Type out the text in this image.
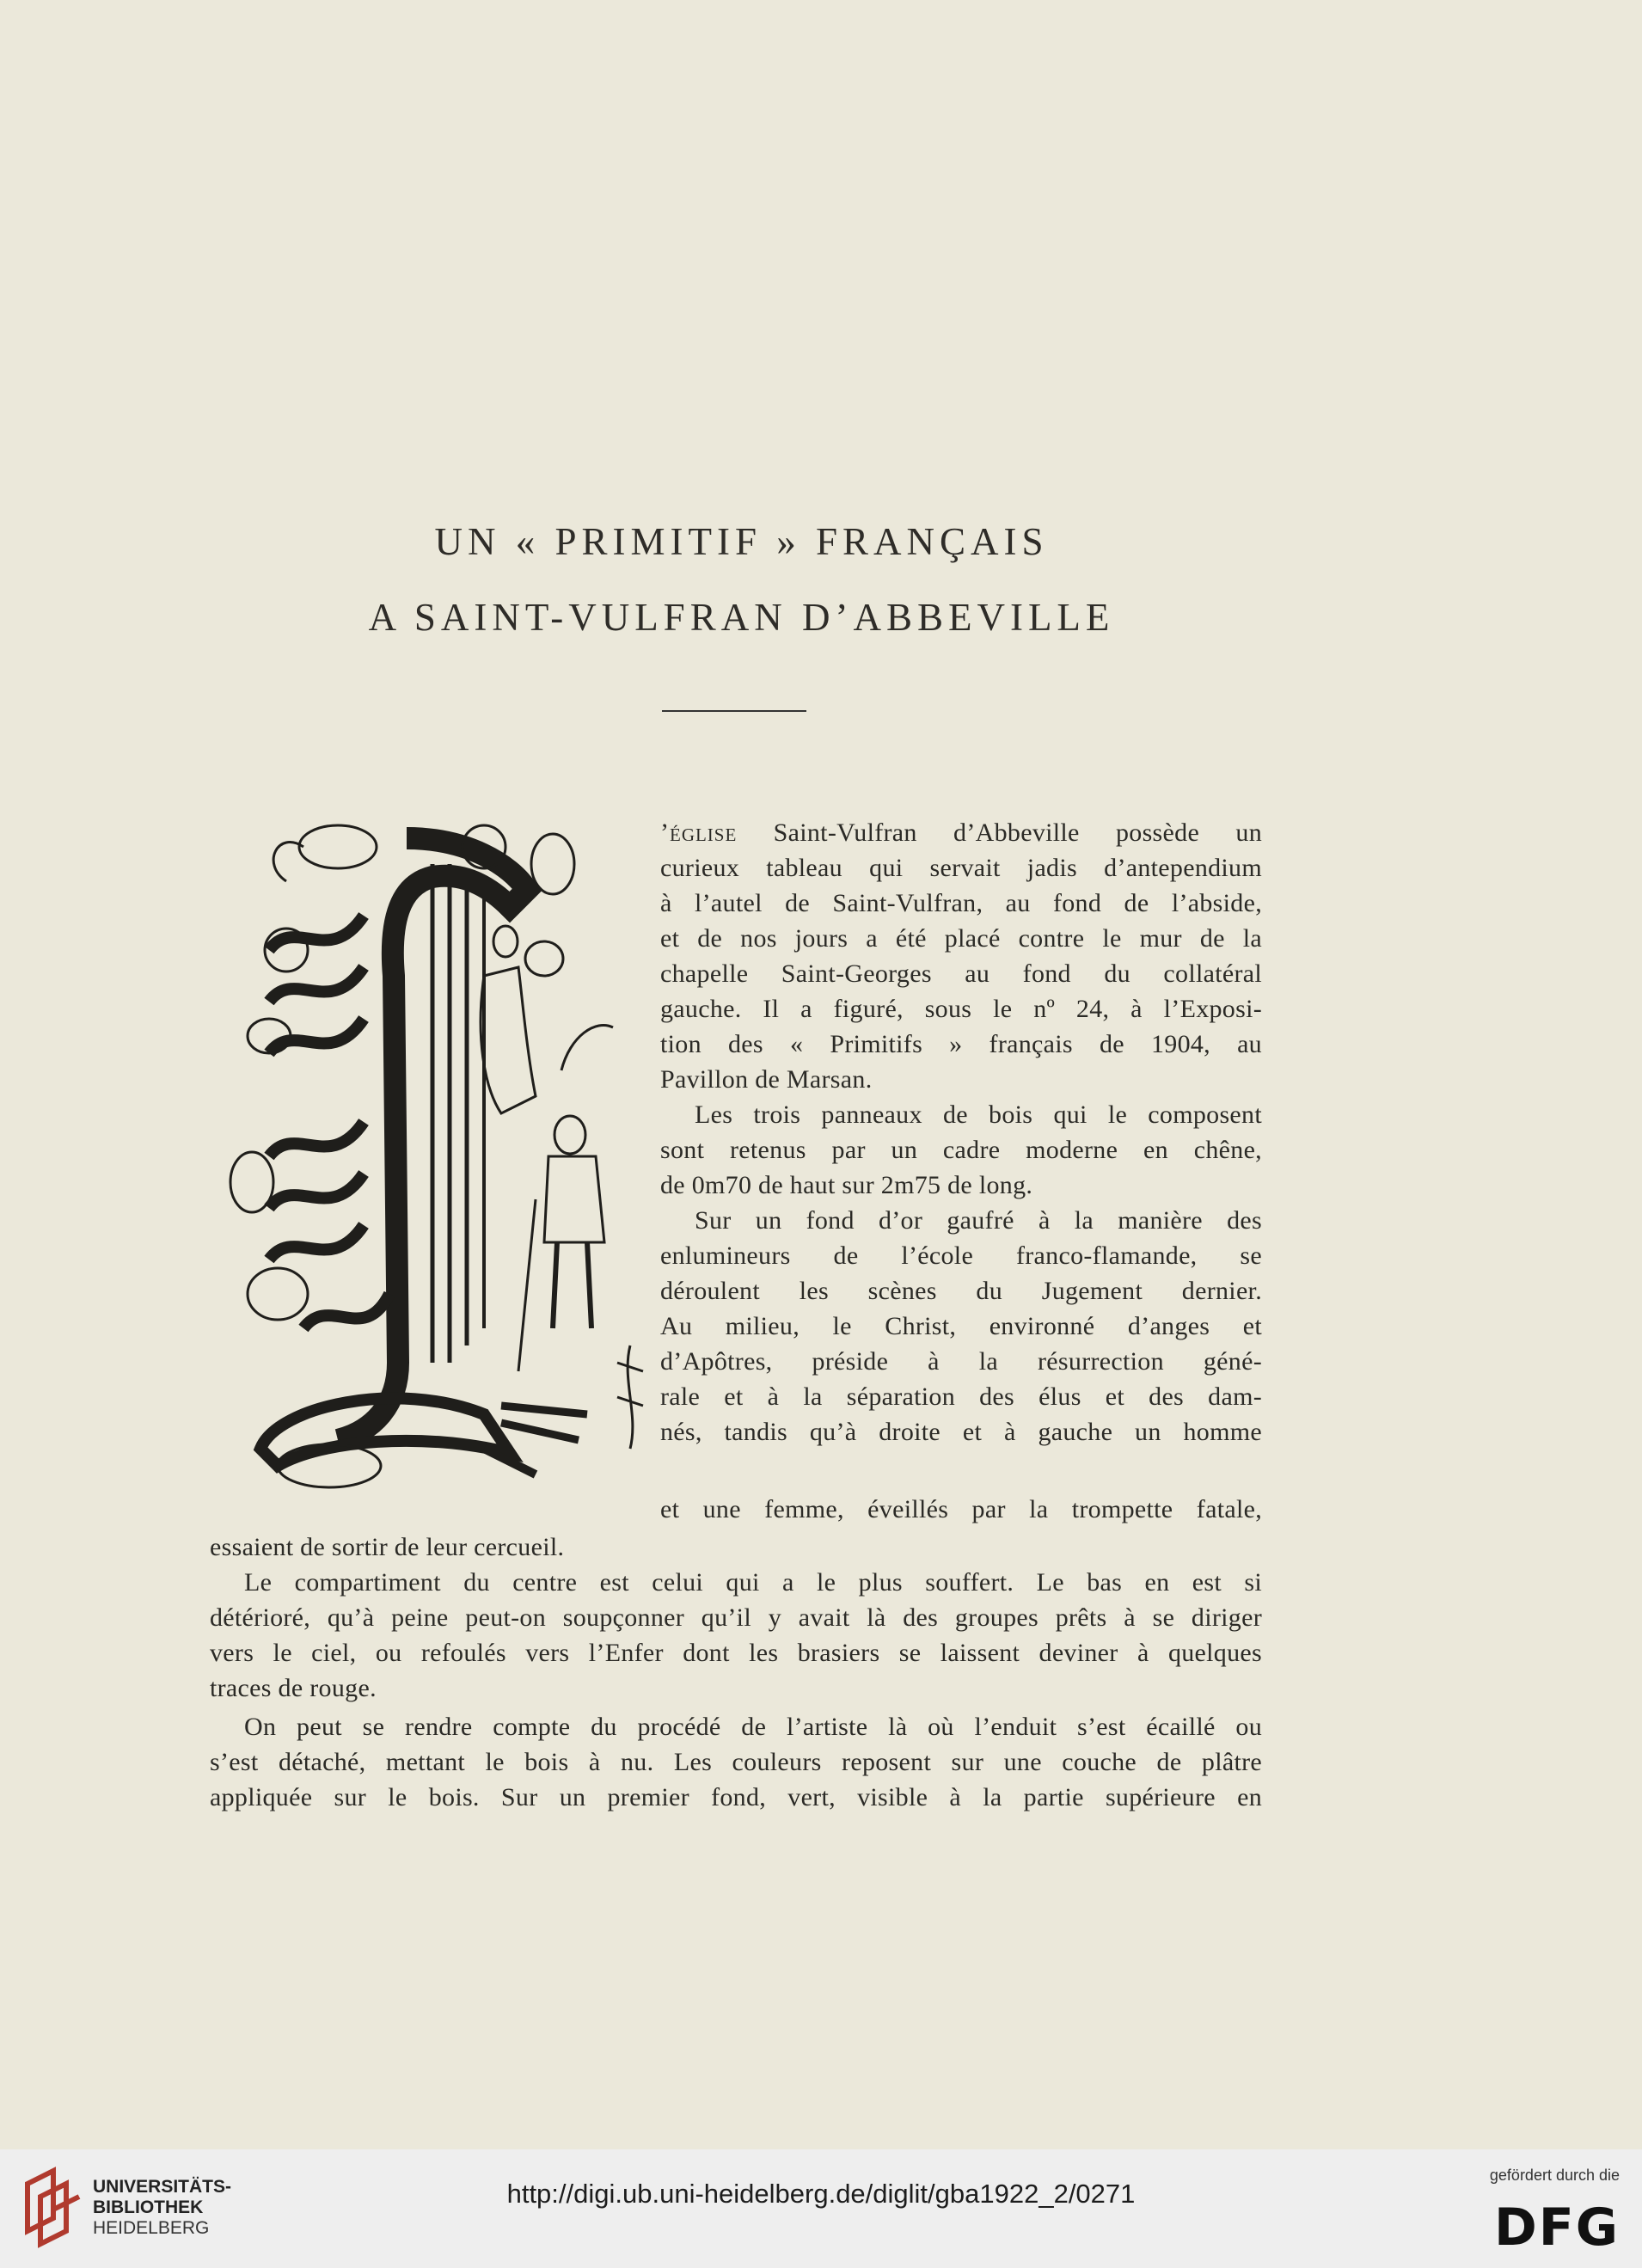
UN « PRIMITIF » FRANÇAIS
A SAINT-VULFRAN D’ABBEVILLE
’église Saint-Vulfran d’Abbeville possède un
curieux tableau qui servait jadis d’antependium
à l’autel de Saint-Vulfran, au fond de l’abside,
et de nos jours a été placé contre le mur de la
chapelle Saint-Georges au fond du collatéral
gauche. Il a figuré, sous le nº 24, à l’Exposi-
tion des « Primitifs » français de 1904, au
Pavillon de Marsan.
Les trois panneaux de bois qui le composent
sont retenus par un cadre moderne en chêne,
de 0m70 de haut sur 2m75 de long.
Sur un fond d’or gaufré à la manière des
enlumineurs de l’école franco-flamande, se
déroulent les scènes du Jugement dernier.
Au milieu, le Christ, environné d’anges et
d’Apôtres, préside à la résurrection géné-
rale et à la séparation des élus et des dam-
nés, tandis qu’à droite et à gauche un homme
et une femme, éveillés par la trompette fatale,
essaient de sortir de leur cercueil.
Le compartiment du centre est celui qui a le plus souffert. Le bas en est si
détérioré, qu’à peine peut-on soupçonner qu’il y avait là des groupes prêts à se diriger
vers le ciel, ou refoulés vers l’Enfer dont les brasiers se laissent deviner à quelques
traces de rouge.
On peut se rendre compte du procédé de l’artiste là où l’enduit s’est écaillé ou
s’est détaché, mettant le bois à nu. Les couleurs reposent sur une couche de plâtre
appliquée sur le bois. Sur un premier fond, vert, visible à la partie supérieure en
UNIVERSITÄTS-
BIBLIOTHEK
HEIDELBERG
http://digi.ub.uni-heidelberg.de/diglit/gba1922_2/0271
gefördert durch die
DFG
